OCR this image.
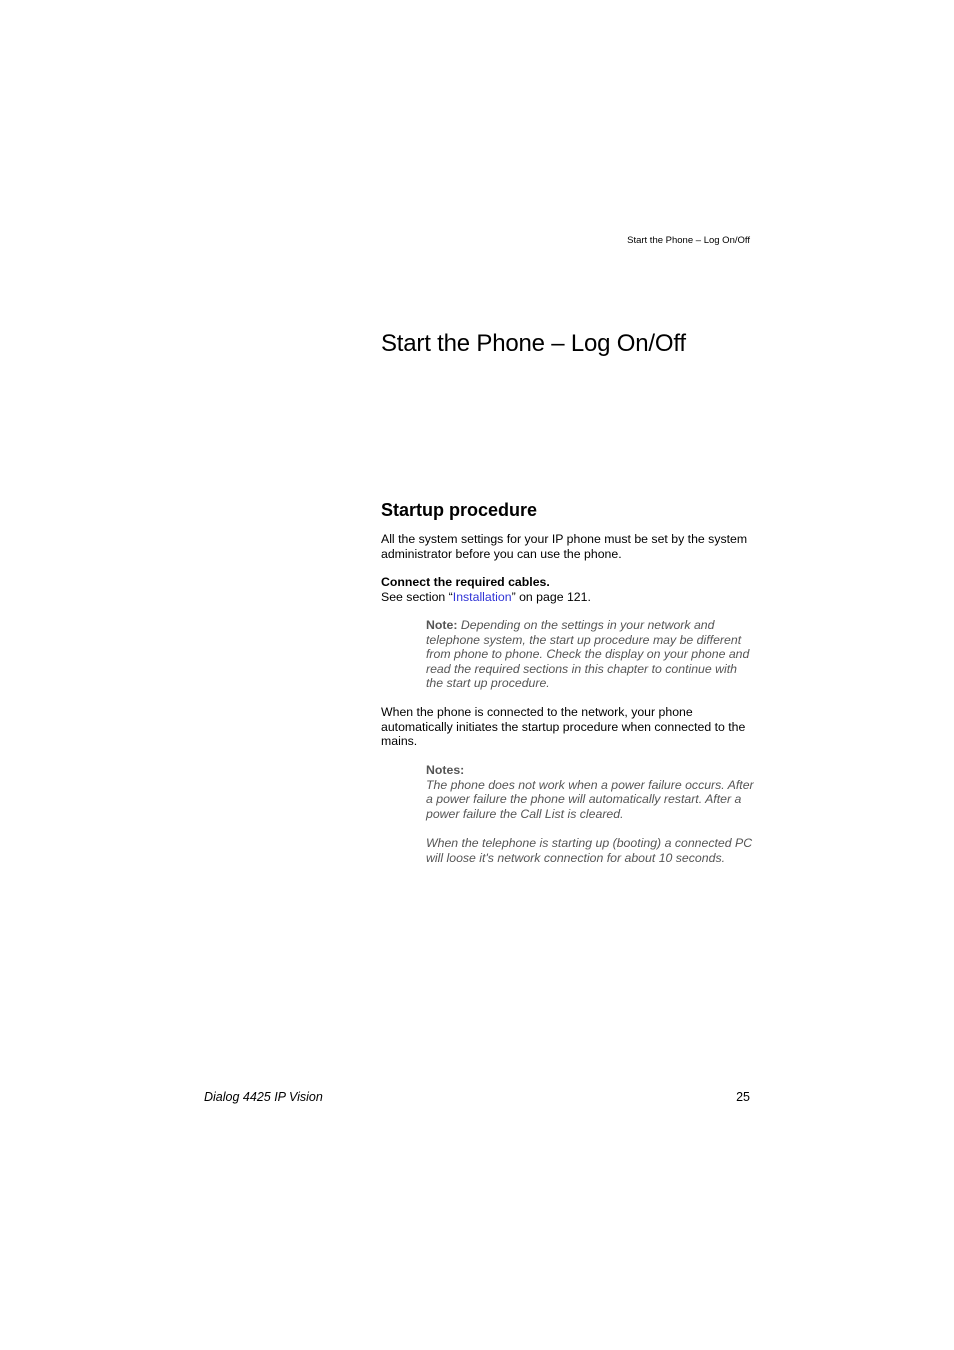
Start the Phone – Log On/Off
Start the Phone – Log On/Off
Startup procedure

All the system settings for your IP phone must be set by the system administrator before you can use the phone.

Connect the required cables.
See section “Installation” on page 121.

Note: Depending on the settings in your network and telephone system, the start up procedure may be different from phone to phone. Check the display on your phone and read the required sections in this chapter to continue with the start up procedure.

When the phone is connected to the network, your phone automatically initiates the startup procedure when connected to the mains.

Notes:
The phone does not work when a power failure occurs. After a power failure the phone will automatically restart. After a power failure the Call List is cleared.
When the telephone is starting up (booting) a connected PC will loose it's network connection for about 10 seconds.
Dialog 4425 IP Vision	25
